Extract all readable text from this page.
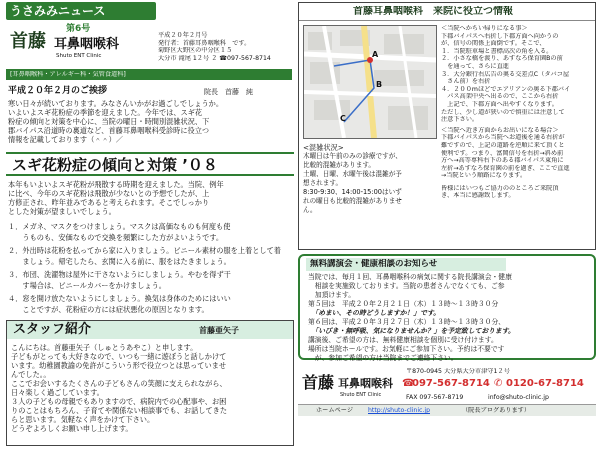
うさみみニュース
第6号
首藤 耳鼻咽喉科
Shuto ENT Clinic

平成２０年２月号

発行者：首藤耳鼻咽喉科　です。

菊野区大野区の中分区１５

大分市 滝尾 1２号 ２ ☎097-567-8714

[耳鼻咽喉科・アレルギー科・気管食道科]
平成２０年２月のご挨拶	院長　首藤　純

寒い日々が続いております。みなさんいかがお過ごしでしょうか。

いよいよスギ花粉症の季節を迎えました。今年では、スギ花

粉症の傾向と対策を中心に、当院の曜日・時間別混雑状況、下

郡バイパス沿道時の裏道など、首藤耳鼻咽喉科受診時に役立つ

情報を記載しております（＾＾）／

スギ花粉症の傾向と対策 ’０８

本年もいよいよスギ花粉が飛散する時期を迎えました。当院、例年

に比べ、今年のスギ花粉は飛散が少ないとの予想でしたが、上

方修正され、昨年並みであると考えられます。そこでしっかり

とした対策が望ましいでしょう。

１．メガネ、マスクをつけましょう。マスクは高価なものも何度も使

　　うものも、安価なもので交換を頻繁にした方がよいようです。

２．外出時は花粉を払ってから家に入りましょう。ビニール素材の服を上着として着

　　ましょう。帰宅したら、玄関に入る前に、服をはたきましょう。

３．布団、洗濯物は屋外に干さないようにしましょう。やむを得ず干

　　す場合は、ビニールカバーをかけましょう。

４．窓を開け放たないようにしましょう。換気は身体のためにはいい

　　ことですが、花粉症の方には症状悪化の原因となります。

スタッフ紹介	首藤亜矢子

こんにちは。首藤亜矢子（しゅとうあやこ）と申します。

子どもがとっても大好きなので、いつも一緒に遊ぼうと話しかけて

います。幼稚園教諭の免許がこういう形で役立つとは思っていませ

んでした。。

ここでお会いするたくさんの子どもさんの笑顔に支えられながら、

日々楽しく過ごしています。

３人の子どもの母親でもありますので、病院内での心配事や、お困

りのことはもちろん、子育てや関係ない相談事でも、お話してきた

らと思います。気軽なく声をかけて下さい。

どうぞよろしくお願い申し上げます。

首藤耳鼻咽喉科　来院に役立つ情報
A
B
C

<混雑状況>

木曜日は午前のみの診療ですが、

比較的混雑があります。

土曜、日曜、水曜午後は混雑が予

想されます。

8:30-9:30、14:00-15:00はいず

れの曜日も比較的混雑がありませ

ん。

＜当院へかちい帰りになる事＞

下郡バイパスへ右折し下郡方面へ向かうの

が、信号の関係上面倒です。そこで、

１．当院駐車場と書標高次の角を入る。

２．小さな橋を渡り、あすなろ保育園Bの前

　を通って、さらに直進

３．大分銀行右広告の奥る交差点C（タバコ屋

　さん前）を右折

４．２００mほどでエアリアンの奥る下郡バイ

　パス高架中央へ出るので、ここから右折

　上記で、下郡方面へ出やすくなります。

ただし、少し道が狭いので慎重には注意して

注意下さい。

＜当院へ近き方面からお出いになる場合＞

下郡バイパスから当院へお道後を通る右折が

難ですので、上記の道路を逆順に来て頂くと

便利です。つまり、富岡信号を右折→斜め前

方へ→高等専科右下のある郡バイパス東角に

左折→あすなろ保育園の前を過ぎ、ここで直進

→当院という順路になります。

皆様にはいつもご協力ののところご来院頂

き、本当に感謝致します。

無料講演会・健康相談のお知らせ

当院では、毎月１回、耳鼻咽喉科の病気に関する院長講演会・健康

　相談を実施致しております。当院の患者さんでなくても、ご参

　加頂けます。

第５回は　平成２０年２月２１日（木）１３時～１３時３０分

　「めまい、その時どうしますか！」です。

第６回は、平成２０年３月２７日（木）１３時～１３時３０分、

　「いびき・無呼吸、気になりませんか？」を予定致しております。

講演後、ご希望の方は、無料健康相談を個別に受け付けます。

場所は当院ホールです。お気軽にご参加下さい。予約は不要です

　が、参加ご希望の方は当院までご連絡下さい。

首藤 耳鼻咽喉科
Shuto ENT Clinic
〒870-0945 大分県大分市津守1２号
☎
097-567-8714 ✆ 0120-67-8714
FAX 097-567-8719	info@shuto-clinic.jp
ホームページ http://shuto-clinic.jp	（院長ブログあります）
